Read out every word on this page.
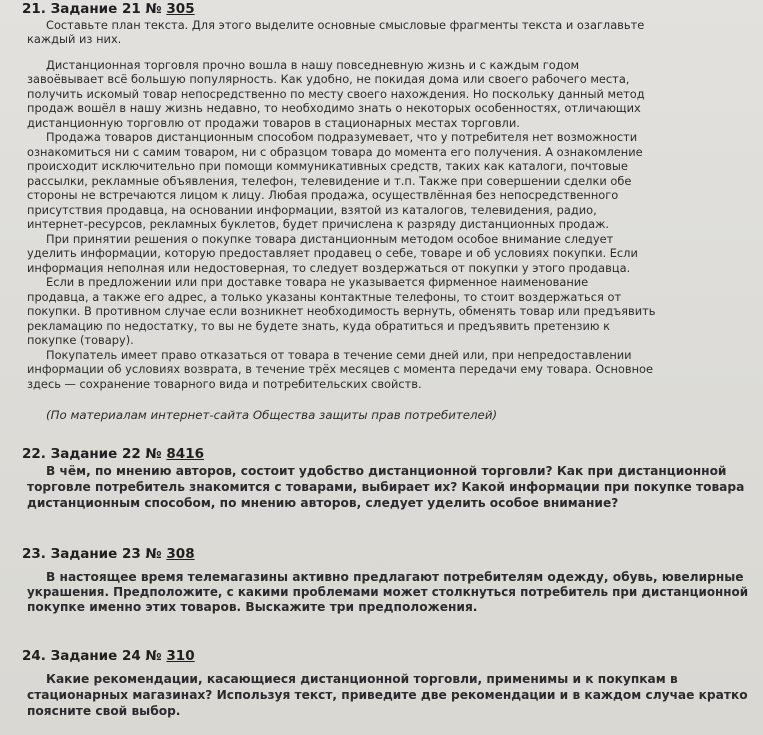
21. Задание 21 № 305
Составьте план текста. Для этого выделите основные смысловые фрагменты текста и озаглавьте
каждый из них.
Дистанционная торговля прочно вошла в нашу повседневную жизнь и с каждым годом
завоёвывает всё большую популярность. Как удобно, не покидая дома или своего рабочего места,
получить искомый товар непосредственно по месту своего нахождения. Но поскольку данный метод
продаж вошёл в нашу жизнь недавно, то необходимо знать о некоторых особенностях, отличающих
дистанционную торговлю от продажи товаров в стационарных местах торговли.
Продажа товаров дистанционным способом подразумевает, что у потребителя нет возможности
ознакомиться ни с самим товаром, ни с образцом товара до момента его получения. А ознакомление
происходит исключительно при помощи коммуникативных средств, таких как каталоги, почтовые
рассылки, рекламные объявления, телефон, телевидение и т.п. Также при совершении сделки обе
стороны не встречаются лицом к лицу. Любая продажа, осуществлённая без непосредственного
присутствия продавца, на основании информации, взятой из каталогов, телевидения, радио,
интернет-ресурсов, рекламных буклетов, будет причислена к разряду дистанционных продаж.
При принятии решения о покупке товара дистанционным методом особое внимание следует
уделить информации, которую предоставляет продавец о себе, товаре и об условиях покупки. Если
информация неполная или недостоверная, то следует воздержаться от покупки у этого продавца.
Если в предложении или при доставке товара не указывается фирменное наименование
продавца, а также его адрес, а только указаны контактные телефоны, то стоит воздержаться от
покупки. В противном случае если возникнет необходимость вернуть, обменять товар или предъявить
рекламацию по недостатку, то вы не будете знать, куда обратиться и предъявить претензию к
покупке (товару).
Покупатель имеет право отказаться от товара в течение семи дней или, при непредоставлении
информации об условиях возврата, в течение трёх месяцев с момента передачи ему товара. Основное
здесь — сохранение товарного вида и потребительских свойств.
(По материалам интернет-сайта Общества защиты прав потребителей)
22. Задание 22 № 8416
В чём, по мнению авторов, состоит удобство дистанционной торговли? Как при дистанционной
торговле потребитель знакомится с товарами, выбирает их? Какой информации при покупке товара
дистанционным способом, по мнению авторов, следует уделить особое внимание?
23. Задание 23 № 308
В настоящее время телемагазины активно предлагают потребителям одежду, обувь, ювелирные
украшения. Предположите, с какими проблемами может столкнуться потребитель при дистанционной
покупке именно этих товаров. Выскажите три предположения.
24. Задание 24 № 310
Какие рекомендации, касающиеся дистанционной торговли, применимы и к покупкам в
стационарных магазинах? Используя текст, приведите две рекомендации и в каждом случае кратко
поясните свой выбор.
